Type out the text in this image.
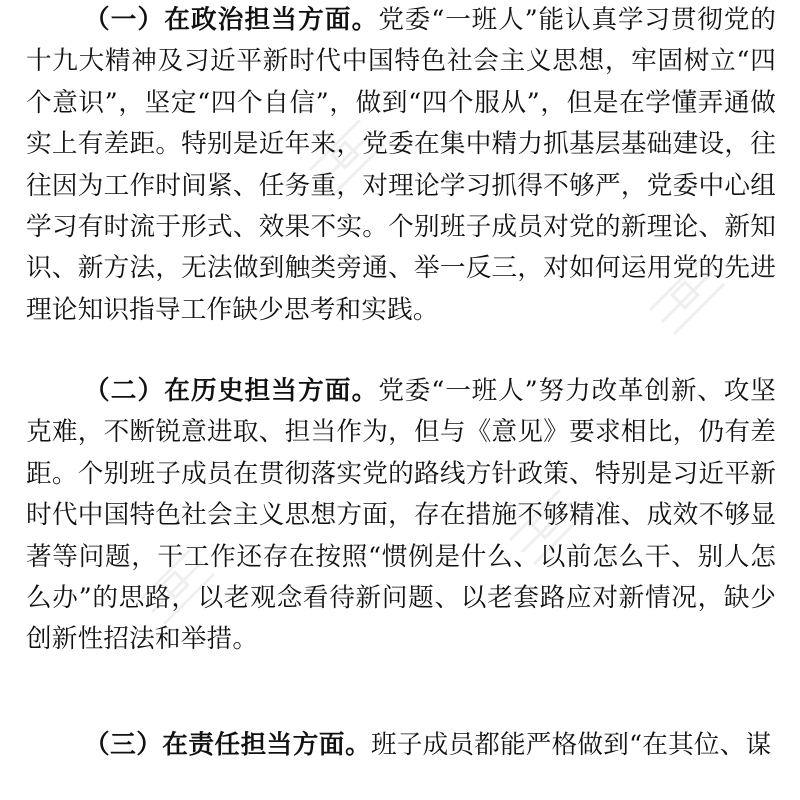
（一）在政治担当方面。党委“一班人”能认真学习贯彻党的十九大精神及习近平新时代中国特色社会主义思想，牢固树立“四个意识”，坚定“四个自信”，做到“四个服从”，但是在学懂弄通做实上有差距。特别是近年来，党委在集中精力抓基层基础建设，往往因为工作时间紧、任务重，对理论学习抓得不够严，党委中心组学习有时流于形式、效果不实。个别班子成员对党的新理论、新知识、新方法，无法做到触类旁通、举一反三，对如何运用党的先进理论知识指导工作缺少思考和实践。

（二）在历史担当方面。党委“一班人”努力改革创新、攻坚克难，不断锐意进取、担当作为，但与《意见》要求相比，仍有差距。个别班子成员在贯彻落实党的路线方针政策、特别是习近平新时代中国特色社会主义思想方面，存在措施不够精准、成效不够显著等问题，干工作还存在按照“惯例是什么、以前怎么干、别人怎么办”的思路，以老观念看待新问题、以老套路应对新情况，缺少创新性招法和举措。

（三）在责任担当方面。班子成员都能严格做到“在其位、谋
